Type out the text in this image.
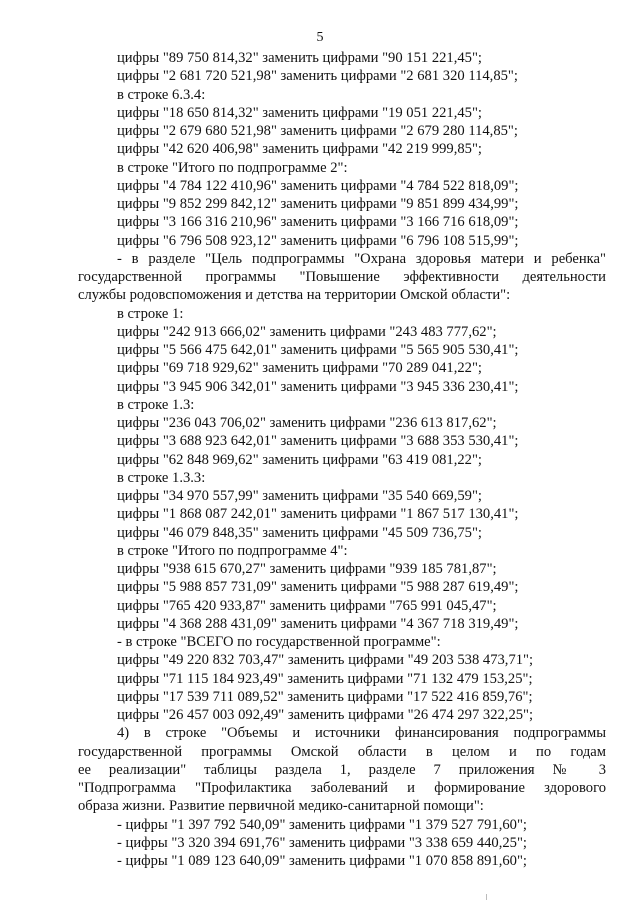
5
цифры "89 750 814,32" заменить цифрами "90 151 221,45";
цифры "2 681 720 521,98" заменить цифрами "2 681 320 114,85";
в строке 6.3.4:
цифры "18 650 814,32" заменить цифрами "19 051 221,45";
цифры "2 679 680 521,98" заменить цифрами "2 679 280 114,85";
цифры "42 620 406,98" заменить цифрами "42 219 999,85";
в строке "Итого по подпрограмме 2":
цифры "4 784 122 410,96" заменить цифрами "4 784 522 818,09";
цифры "9 852 299 842,12" заменить цифрами "9 851 899 434,99";
цифры "3 166 316 210,96" заменить цифрами "3 166 716 618,09";
цифры "6 796 508 923,12" заменить цифрами "6 796 108 515,99";
- в разделе "Цель подпрограммы "Охрана здоровья матери и ребенка"
государственной программы "Повышение эффективности деятельности
службы родовспоможения и детства на территории Омской области":
в строке 1:
цифры "242 913 666,02" заменить цифрами "243 483 777,62";
цифры "5 566 475 642,01" заменить цифрами "5 565 905 530,41";
цифры "69 718 929,62" заменить цифрами "70 289 041,22";
цифры "3 945 906 342,01" заменить цифрами "3 945 336 230,41";
в строке 1.3:
цифры "236 043 706,02" заменить цифрами "236 613 817,62";
цифры "3 688 923 642,01" заменить цифрами "3 688 353 530,41";
цифры "62 848 969,62" заменить цифрами "63 419 081,22";
в строке 1.3.3:
цифры "34 970 557,99" заменить цифрами "35 540 669,59";
цифры "1 868 087 242,01" заменить цифрами "1 867 517 130,41";
цифры "46 079 848,35" заменить цифрами "45 509 736,75";
в строке "Итого по подпрограмме 4":
цифры "938 615 670,27" заменить цифрами "939 185 781,87";
цифры "5 988 857 731,09" заменить цифрами "5 988 287 619,49";
цифры "765 420 933,87" заменить цифрами "765 991 045,47";
цифры "4 368 288 431,09" заменить цифрами "4 367 718 319,49";
- в строке "ВСЕГО по государственной программе":
цифры "49 220 832 703,47" заменить цифрами "49 203 538 473,71";
цифры "71 115 184 923,49" заменить цифрами "71 132 479 153,25";
цифры "17 539 711 089,52" заменить цифрами "17 522 416 859,76";
цифры "26 457 003 092,49" заменить цифрами "26 474 297 322,25";
4) в строке "Объемы и источники финансирования подпрограммы
государственной программы Омской области в целом и по годам
ее реализации" таблицы раздела 1, разделе 7 приложения № 3
"Подпрограмма "Профилактика заболеваний и формирование здорового
образа жизни. Развитие первичной медико-санитарной помощи":
- цифры "1 397 792 540,09" заменить цифрами "1 379 527 791,60";
- цифры "3 320 394 691,76" заменить цифрами "3 338 659 440,25";
- цифры "1 089 123 640,09" заменить цифрами "1 070 858 891,60";
